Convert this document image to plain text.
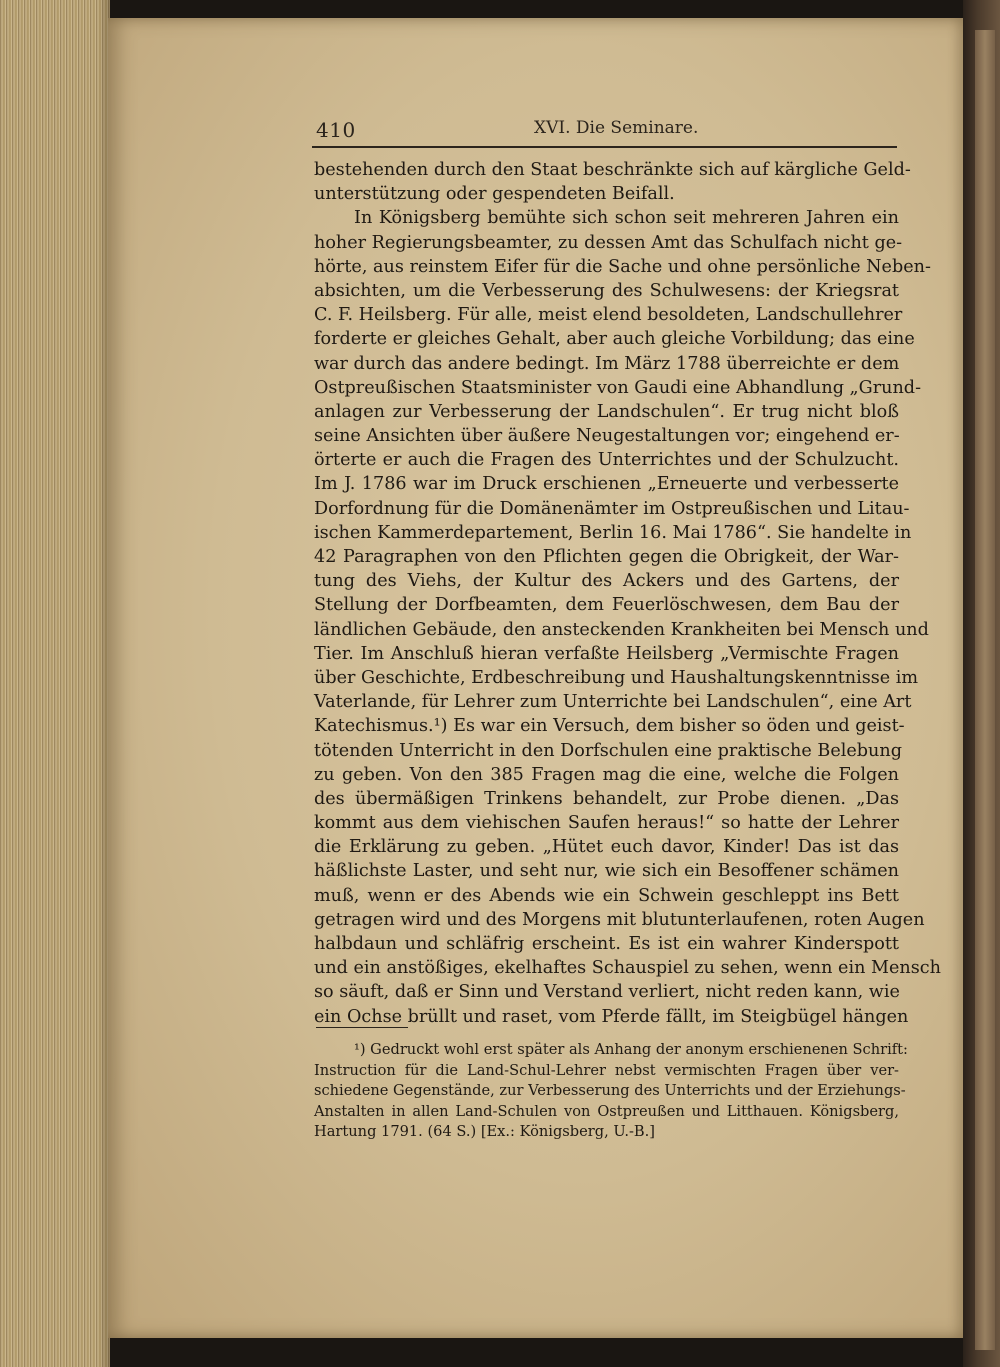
410	XVI. Die Seminare.
bestehenden durch den Staat beschränkte sich auf kärgliche Geld-
unterstützung oder gespendeten Beifall.
In Königsberg bemühte sich schon seit mehreren Jahren ein
hoher Regierungsbeamter, zu dessen Amt das Schulfach nicht ge-
hörte, aus reinstem Eifer für die Sache und ohne persönliche Neben-
absichten, um die Verbesserung des Schulwesens: der Kriegsrat
C. F. Heilsberg. Für alle, meist elend besoldeten, Landschullehrer
forderte er gleiches Gehalt, aber auch gleiche Vorbildung; das eine
war durch das andere bedingt. Im März 1788 überreichte er dem
Ostpreußischen Staatsminister von Gaudi eine Abhandlung „Grund-
anlagen zur Verbesserung der Landschulen“. Er trug nicht bloß
seine Ansichten über äußere Neugestaltungen vor; eingehend er-
örterte er auch die Fragen des Unterrichtes und der Schulzucht.
Im J. 1786 war im Druck erschienen „Erneuerte und verbesserte
Dorfordnung für die Domänenämter im Ostpreußischen und Litau-
ischen Kammerdepartement, Berlin 16. Mai 1786“. Sie handelte in
42 Paragraphen von den Pflichten gegen die Obrigkeit, der War-
tung des Viehs, der Kultur des Ackers und des Gartens, der
Stellung der Dorfbeamten, dem Feuerlöschwesen, dem Bau der
ländlichen Gebäude, den ansteckenden Krankheiten bei Mensch und
Tier. Im Anschluß hieran verfaßte Heilsberg „Vermischte Fragen
über Geschichte, Erdbeschreibung und Haushaltungskenntnisse im
Vaterlande, für Lehrer zum Unterrichte bei Landschulen“, eine Art
Katechismus.¹) Es war ein Versuch, dem bisher so öden und geist-
tötenden Unterricht in den Dorfschulen eine praktische Belebung
zu geben. Von den 385 Fragen mag die eine, welche die Folgen
des übermäßigen Trinkens behandelt, zur Probe dienen. „Das
kommt aus dem viehischen Saufen heraus!“ so hatte der Lehrer
die Erklärung zu geben. „Hütet euch davor, Kinder! Das ist das
häßlichste Laster, und seht nur, wie sich ein Besoffener schämen
muß, wenn er des Abends wie ein Schwein geschleppt ins Bett
getragen wird und des Morgens mit blutunterlaufenen, roten Augen
halbdaun und schläfrig erscheint. Es ist ein wahrer Kinderspott
und ein anstößiges, ekelhaftes Schauspiel zu sehen, wenn ein Mensch
so säuft, daß er Sinn und Verstand verliert, nicht reden kann, wie
ein Ochse brüllt und raset, vom Pferde fällt, im Steigbügel hängen
¹) Gedruckt wohl erst später als Anhang der anonym erschienenen Schrift:
Instruction für die Land-Schul-Lehrer nebst vermischten Fragen über ver-
schiedene Gegenstände, zur Verbesserung des Unterrichts und der Erziehungs-
Anstalten in allen Land-Schulen von Ostpreußen und Litthauen. Königsberg,
Hartung 1791. (64 S.) [Ex.: Königsberg, U.-B.]
